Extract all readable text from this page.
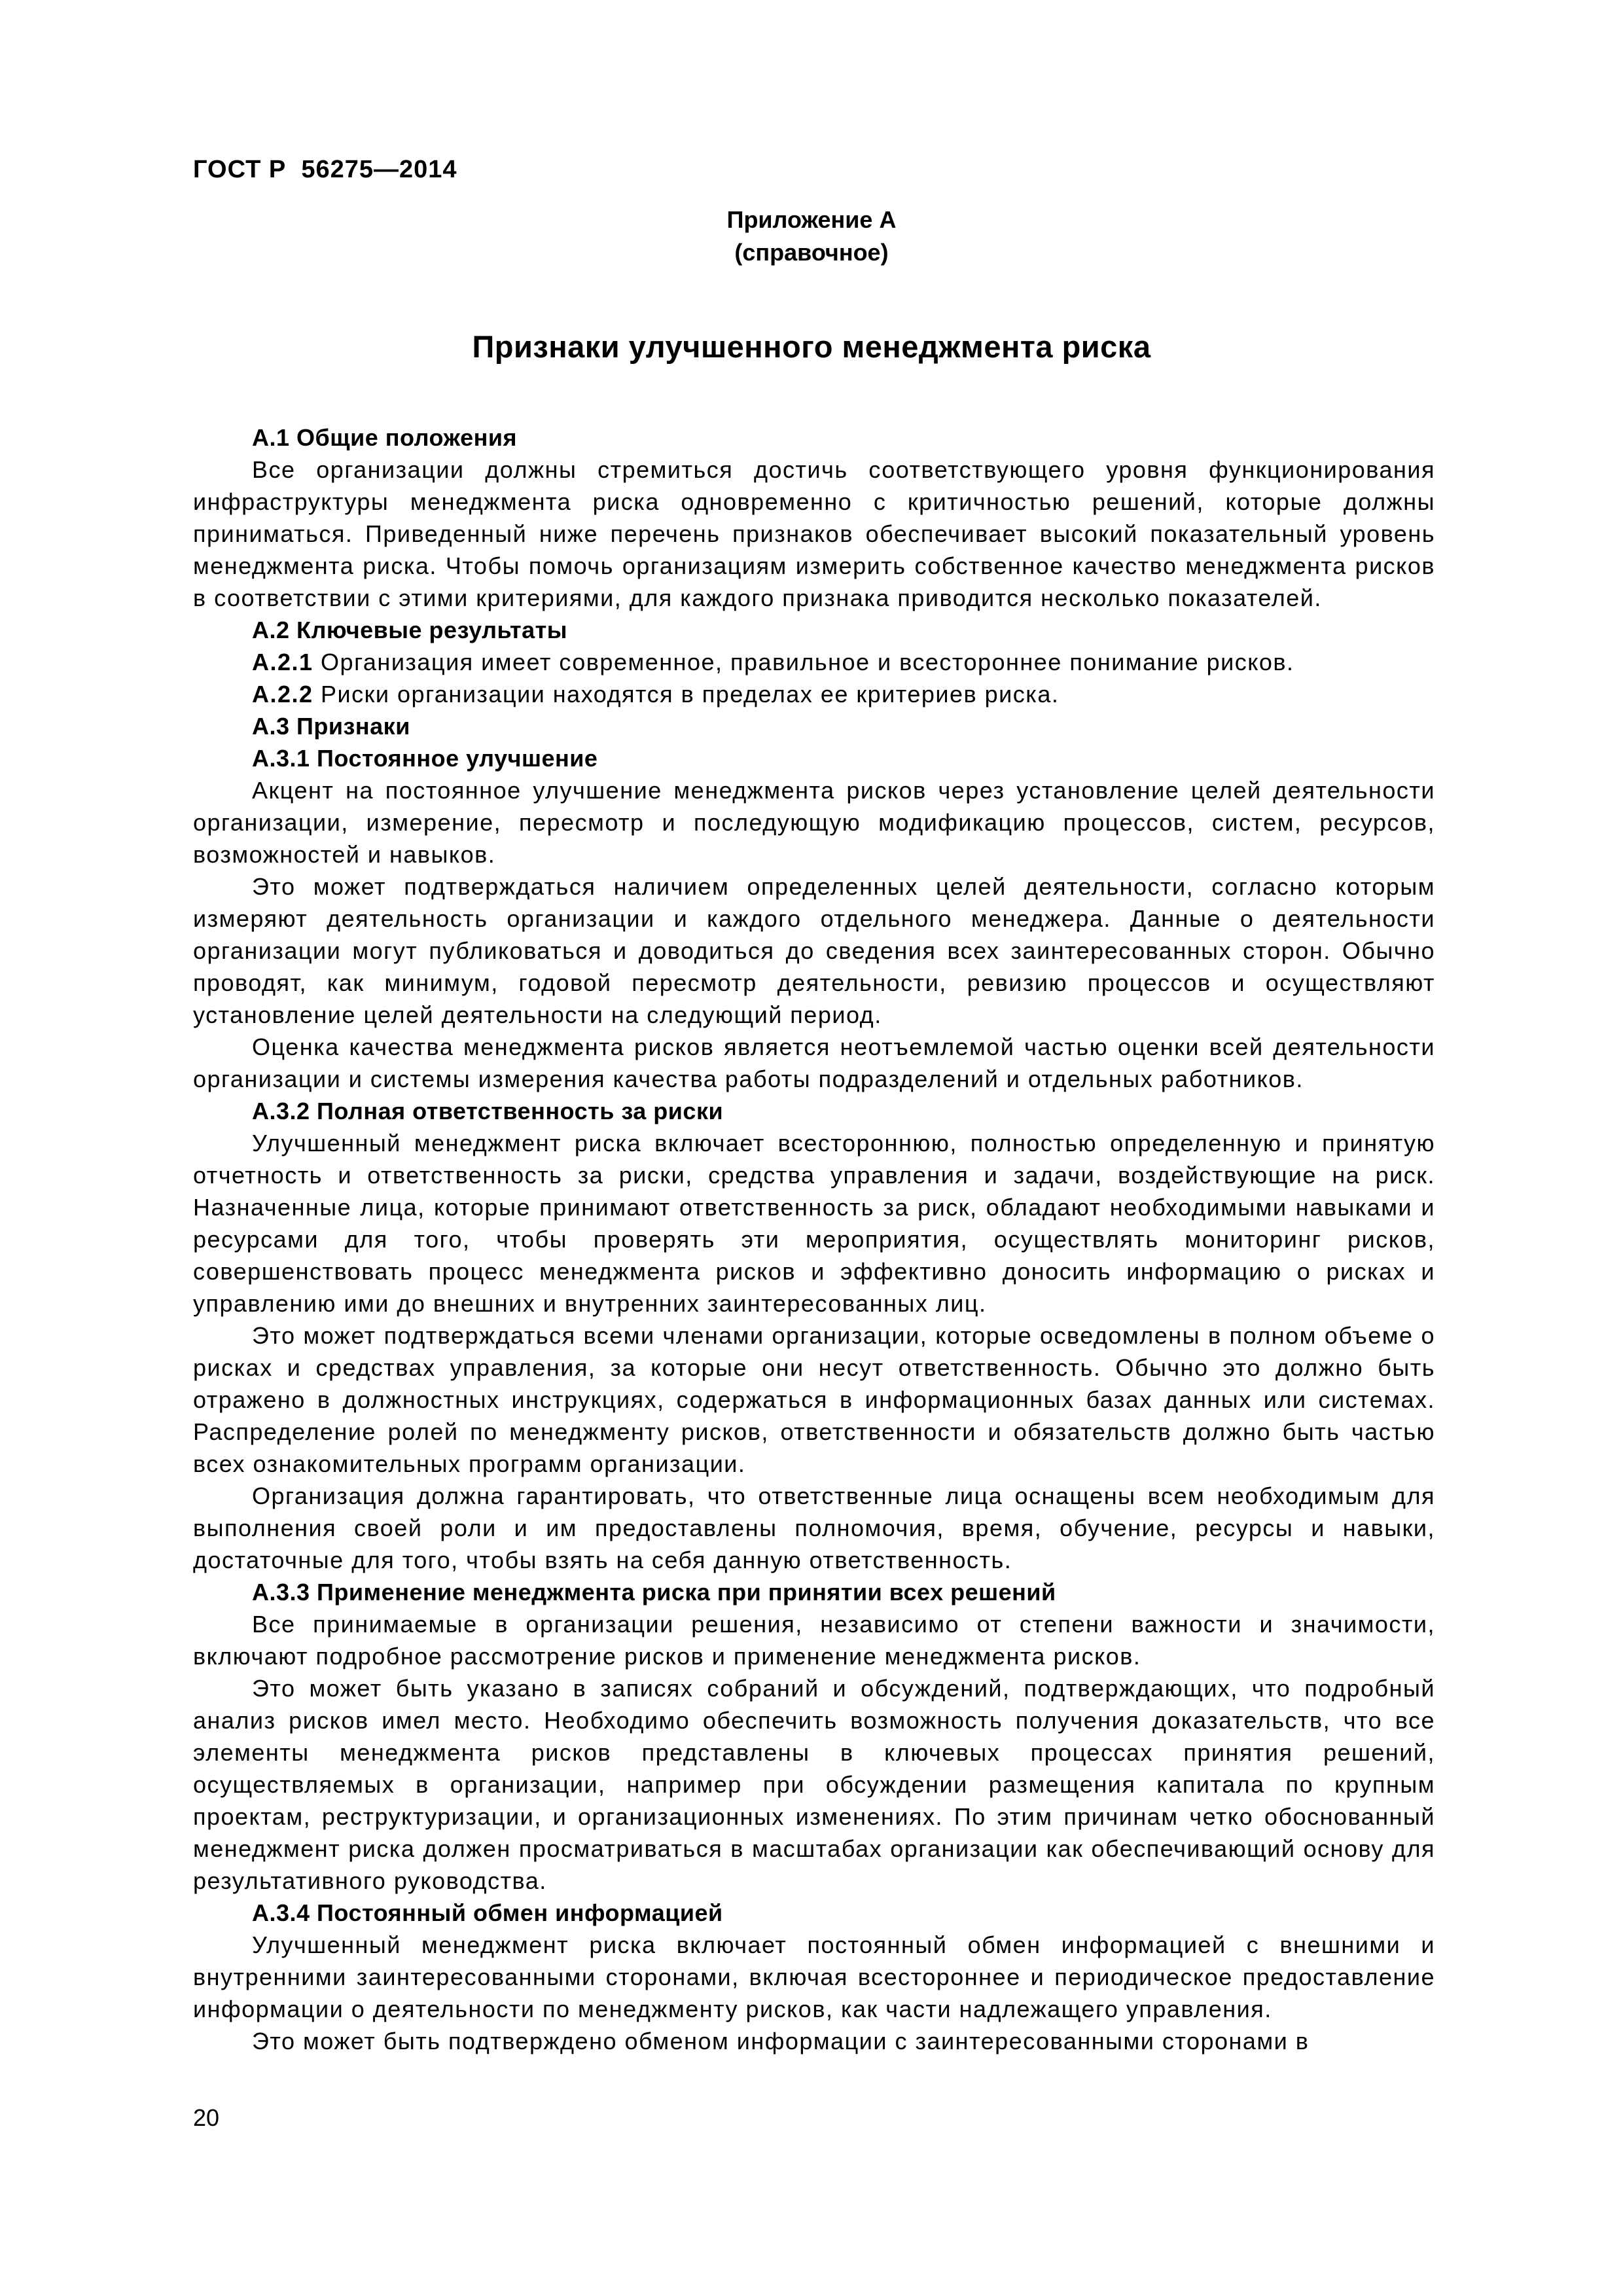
ГОСТ Р  56275—2014
Приложение А
(справочное)
Признаки улучшенного менеджмента риска
А.1 Общие положения
Все организации должны стремиться достичь соответствующего уровня функционирования инфраструктуры менеджмента риска одновременно с критичностью решений, которые должны приниматься. Приведенный ниже перечень признаков обеспечивает высокий показательный уровень менеджмента риска. Чтобы помочь организациям измерить собственное качество менеджмента рисков в соответствии с этими критериями, для каждого признака приводится несколько показателей.
А.2 Ключевые результаты
А.2.1 Организация имеет современное, правильное и всестороннее понимание рисков.
А.2.2 Риски организации находятся в пределах ее критериев риска.
А.3 Признаки
А.3.1 Постоянное улучшение
Акцент на постоянное улучшение менеджмента рисков через установление целей деятельности организации, измерение, пересмотр и последующую модификацию процессов, систем, ресурсов, возможностей и навыков.
Это может подтверждаться наличием определенных целей деятельности, согласно которым измеряют деятельность организации и каждого отдельного менеджера. Данные о деятельности организации могут публиковаться и доводиться до сведения всех заинтересованных сторон. Обычно проводят, как минимум, годовой пересмотр деятельности, ревизию процессов и осуществляют установление целей деятельности на следующий период.
Оценка качества менеджмента рисков является неотъемлемой частью оценки всей деятельности организации и системы измерения качества работы подразделений и отдельных работников.
А.3.2 Полная ответственность за риски
Улучшенный менеджмент риска включает всестороннюю, полностью определенную и принятую отчетность и ответственность за риски, средства управления и задачи, воздействующие на риск. Назначенные лица, которые принимают ответственность за риск, обладают необходимыми навыками и ресурсами для того, чтобы проверять эти мероприятия, осуществлять мониторинг рисков, совершенствовать процесс менеджмента рисков и эффективно доносить информацию о рисках и управлению ими до внешних и внутренних заинтересованных лиц.
Это может подтверждаться всеми членами организации, которые осведомлены в полном объеме о рисках и средствах управления, за которые они несут ответственность. Обычно это должно быть отражено в должностных инструкциях, содержаться в информационных базах данных или системах. Распределение ролей по менеджменту рисков, ответственности и обязательств должно быть частью всех ознакомительных программ организации.
Организация должна гарантировать, что ответственные лица оснащены всем необходимым для выполнения своей роли и им предоставлены полномочия, время, обучение, ресурсы и навыки, достаточные для того, чтобы взять на себя данную ответственность.
А.3.3 Применение менеджмента риска при принятии всех решений
Все принимаемые в организации решения, независимо от степени важности и значимости, включают подробное рассмотрение рисков и применение менеджмента рисков.
Это может быть указано в записях собраний и обсуждений, подтверждающих, что подробный анализ рисков имел место. Необходимо обеспечить возможность получения доказательств, что все элементы менеджмента рисков представлены в ключевых процессах принятия решений, осуществляемых в организации, например при обсуждении размещения капитала по крупным проектам, реструктуризации, и организационных изменениях. По этим причинам четко обоснованный менеджмент риска должен просматриваться в масштабах организации как обеспечивающий основу для результативного руководства.
А.3.4 Постоянный обмен информацией
Улучшенный менеджмент риска включает постоянный обмен информацией с внешними и внутренними заинтересованными сторонами, включая всестороннее и периодическое предоставление информации о деятельности по менеджменту рисков, как части надлежащего управления.
Это может быть подтверждено обменом информации с заинтересованными сторонами в
20
